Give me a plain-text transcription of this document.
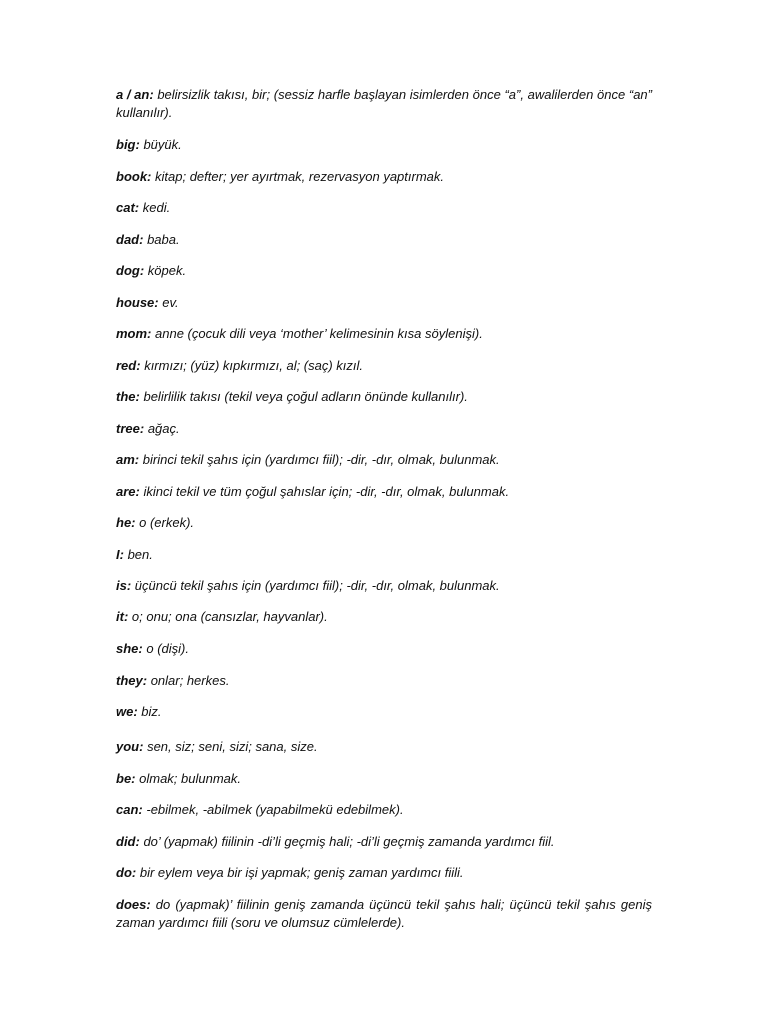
a / an: belirsizlik takısı, bir; (sessiz harfle başlayan isimlerden önce “a”, awalilerden önce “an” kullanılır).

big: büyük.

book: kitap; defter; yer ayırtmak, rezervasyon yaptırmak.

cat: kedi.

dad: baba.

dog: köpek.

house: ev.

mom: anne (çocuk dili veya ‘mother’ kelimesinin kısa söylenişi).

red: kırmızı; (yüz) kıpkırmızı, al; (saç) kızıl.

the: belirlilik takısı (tekil veya çoğul adların önünde kullanılır).

tree: ağaç.

am: birinci tekil şahıs için (yardımcı fiil); -dir, -dır, olmak, bulunmak.

are: ikinci tekil ve tüm çoğul şahıslar için; -dir, -dır, olmak, bulunmak.

he: o (erkek).

I: ben.

is: üçüncü tekil şahıs için (yardımcı fiil); -dir, -dır, olmak, bulunmak.

it: o; onu; ona (cansızlar, hayvanlar).

she: o (dişi).

they: onlar; herkes.

we: biz.

you: sen, siz; seni, sizi; sana, size.

be: olmak; bulunmak.

can: -ebilmek, -abilmek (yapabilmekü edebilmek).

did: do’ (yapmak) fiilinin -di’li geçmiş hali; -di’li geçmiş zamanda yardımcı fiil.

do: bir eylem veya bir işi yapmak; geniş zaman yardımcı fiili.

does: do (yapmak)’ fiilinin geniş zamanda üçüncü tekil şahıs hali; üçüncü tekil şahıs geniş zaman yardımcı fiili (soru ve olumsuz cümlelerde).
